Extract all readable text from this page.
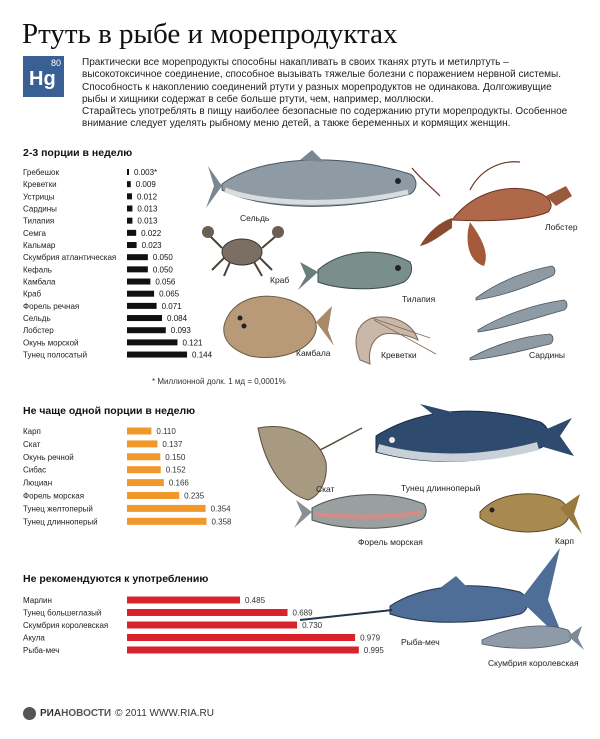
Ртуть в рыбе и морепродуктах
80
Hg

Практически все морепродукты способны накапливать в своих тканях ртуть и метилртуть – высокотоксичное соединение, способное вызывать тяжелые болезни с поражением нервной системы. Способность к накоплению соединений ртути у разных морепродуктов не одинакова. Долгоживущие рыбы и хищники содержат в себе больше ртути, чем, например, моллюски.

Старайтесь употреблять в пищу наиболее безопасные по содержанию ртути морепродукты. Особенное внимание следует уделять рыбному меню детей, а также беременных и кормящих женщин.

2-3 порции в неделю
Не чаще одной порции в неделю
Не рекомендуются к употреблению
* Миллионной долк. 1 мд = 0,0001%
Сельдь
Лобстер
Краб
Тилапия
Камбала	Креветки	Сардины
Скат	Тунец длинноперый
Форель морская	Карп
Рыба-меч
Скумбрия королевская
Гребешок	0.003*
Креветки	0.009
Устрицы	0.012
Сардины	0.013
Тилапия	0.013
Семга	0.022
Кальмар	0.023
Скумбрия атлантическая	0.050
Кефаль	0.050
Камбала	0.056
Краб	0.065
Форель речная	0.071
Сельдь	0.084
Лобстер	0.093
Окунь морской	0.121
Тунец полосатый	0.144
Карп	0.110
Скат	0.137
Окунь речной	0.150
Сибас	0.152
Люциан	0.166
Форель морская	0.235
Тунец желтоперый	0.354
Тунец длинноперый	0.358
Марлин	0.485
Тунец большеглазый	0.689
Скумбрия королевская	0.730
Акула	0.979
Рыба-меч	0.995
РИАНОВОСТИ © 2011 WWW.RIA.RU
